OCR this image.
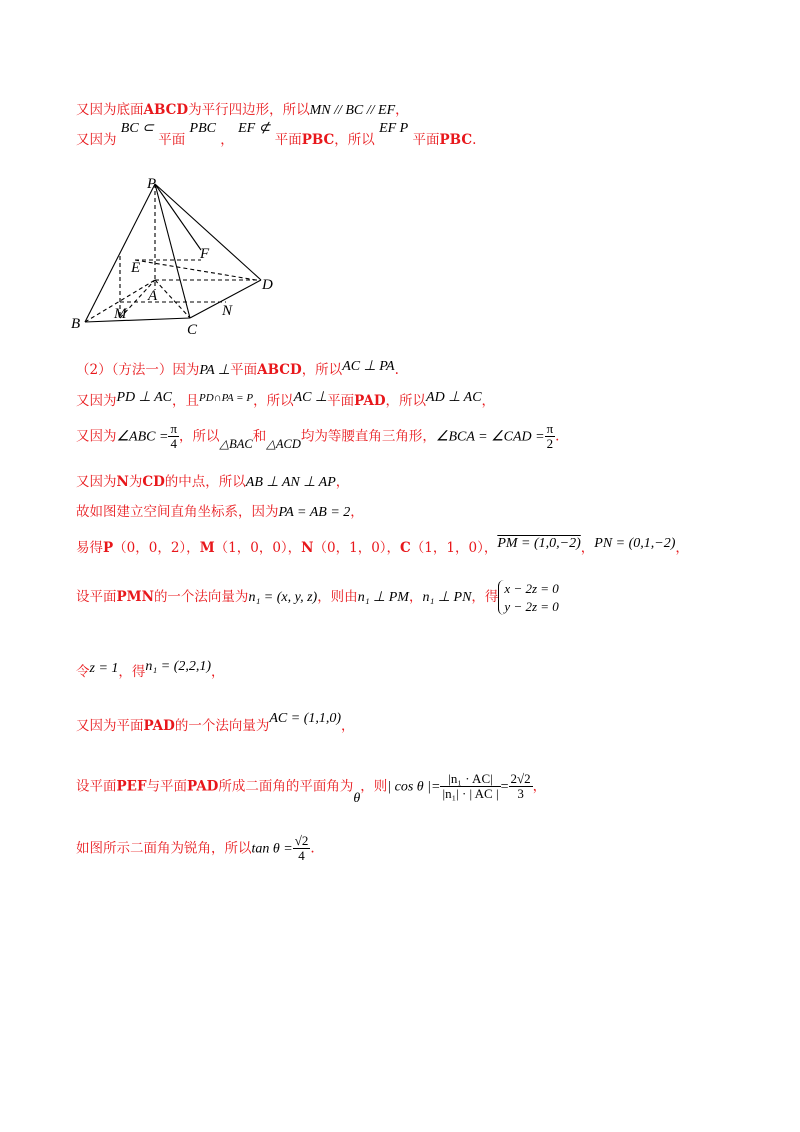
又因为底面ABCD为平行四边形，所以MN // BC // EF，
又因为 BC ⊂ 平面 PBC ， EF ⊄ 平面PBC，所以 EF P 平面PBC.
P
F
E
A
D
B
M	N
C
（2）（方法一）因为PA ⊥平面ABCD，所以AC ⊥ PA.
又因为PD ⊥ AC，且$^{PD\cap PA = P}$，所以AC ⊥平面PAD，所以AD ⊥ AC，
又因为∠ABC = $\frac{\pi}{4}$ ，所以△BAC和△ACD均为等腰直角三角形，∠BCA = ∠CAD = $\frac{\pi}{2}$ .
又因为N为CD的中点，所以AB ⊥ AN ⊥ AP，
故如图建立空间直角坐标系，因为PA = AB = 2，
易得P（0，0，2），M（1，0，0），N（0，1，0），C（1，1，0），PM = (1,0,−2)，PN = (0,1,−2)，
设平面PMN的一个法向量为n₁ = (x, y, z)，则由n₁ ⊥ PM，n₁ ⊥ PN，得
x − 2z = 0
y − 2z = 0
令z = 1，得n₁ = (2,2,1)，
又因为平面PAD的一个法向量为AC = (1,1,0)，
设平面PEF与平面PAD所成二面角的平面角为θ，则| cos θ |= $\frac{\text{|n₁ · AC|}}{\text{|n₁| · | AC |}} = \frac{2√2}{3}$ ，
如图所示二面角为锐角，所以$\tan \theta = \frac{√2}{4}$ .
